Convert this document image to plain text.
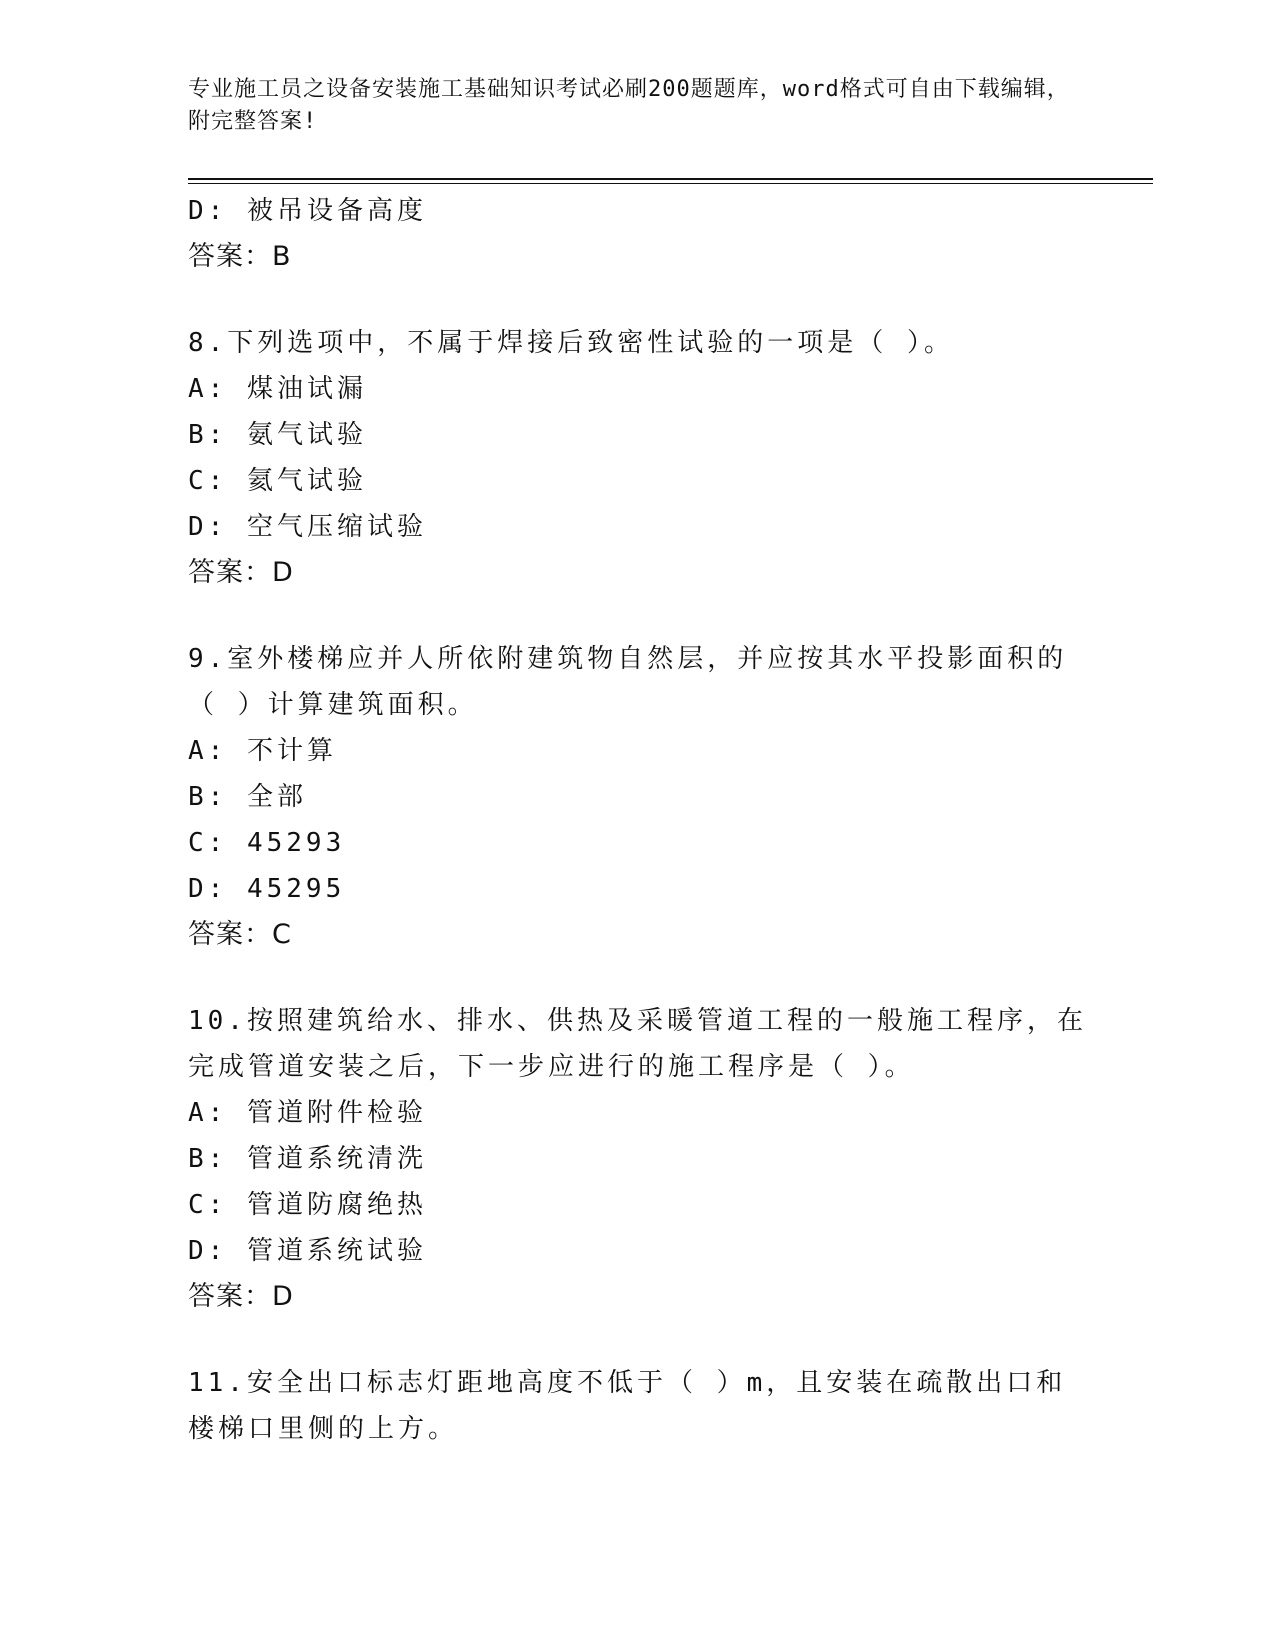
专业施工员之设备安装施工基础知识考试必刷200题题库，word格式可自由下载编辑，附完整答案!
D: 被吊设备高度
答案：B
8.下列选项中，不属于焊接后致密性试验的一项是（ ）。
A: 煤油试漏
B: 氨气试验
C: 氦气试验
D: 空气压缩试验
答案：D
9.室外楼梯应并人所依附建筑物自然层，并应按其水平投影面积的（ ）计算建筑面积。
A: 不计算
B: 全部
C: 45293
D: 45295
答案：C
10.按照建筑给水、排水、供热及采暖管道工程的一般施工程序，在完成管道安装之后，下一步应进行的施工程序是（ ）。
A: 管道附件检验
B: 管道系统清洗
C: 管道防腐绝热
D: 管道系统试验
答案：D
11.安全出口标志灯距地高度不低于（ ）m，且安装在疏散出口和楼梯口里侧的上方。
